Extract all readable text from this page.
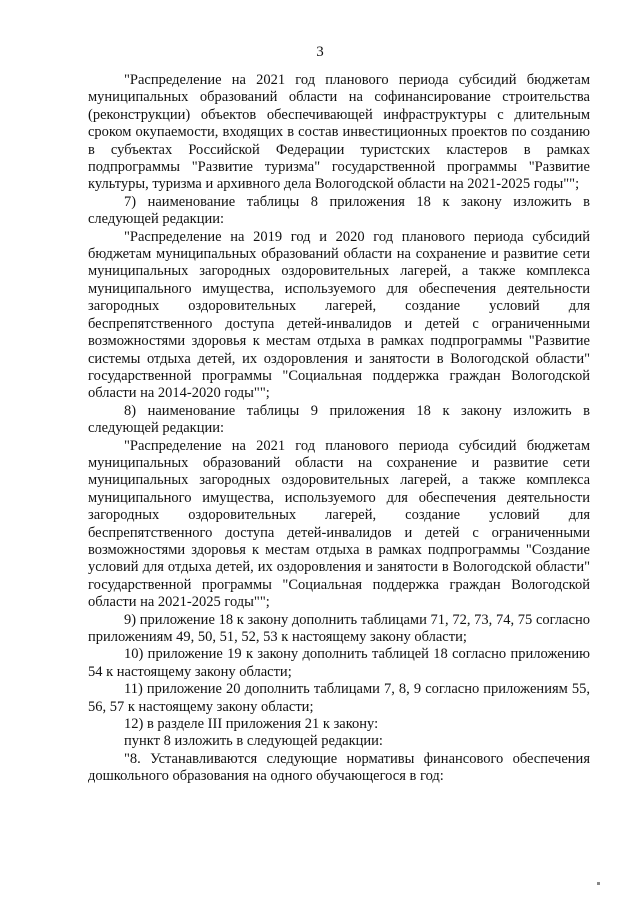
3

"Распределение на 2021 год планового периода субсидий бюджетам муниципальных образований области на софинансирование строительства (реконструкции) объектов обеспечивающей инфраструктуры с длительным сроком окупаемости, входящих в состав инвестиционных проектов по созданию в субъектах Российской Федерации туристских кластеров в рамках подпрограммы "Развитие туризма" государственной программы "Развитие культуры, туризма и архивного дела Вологодской области на 2021-2025 годы"";

7) наименование таблицы 8 приложения 18 к закону изложить в следующей редакции:

"Распределение на 2019 год и 2020 год планового периода субсидий бюджетам муниципальных образований области на сохранение и развитие сети муниципальных загородных оздоровительных лагерей, а также комплекса муниципального имущества, используемого для обеспечения деятельности загородных оздоровительных лагерей, создание условий для беспрепятственного доступа детей-инвалидов и детей с ограниченными возможностями здоровья к местам отдыха в рамках подпрограммы "Развитие системы отдыха детей, их оздоровления и занятости в Вологодской области" государственной программы "Социальная поддержка граждан Вологодской области на 2014-2020 годы"";

8) наименование таблицы 9 приложения 18 к закону изложить в следующей редакции:

"Распределение на 2021 год планового периода субсидий бюджетам муниципальных образований области на сохранение и развитие сети муниципальных загородных оздоровительных лагерей, а также комплекса муниципального имущества, используемого для обеспечения деятельности загородных оздоровительных лагерей, создание условий для беспрепятственного доступа детей-инвалидов и детей с ограниченными возможностями здоровья к местам отдыха в рамках подпрограммы "Создание условий для отдыха детей, их оздоровления и занятости в Вологодской области" государственной программы "Социальная поддержка граждан Вологодской области на 2021-2025 годы"";

9) приложение 18 к закону дополнить таблицами 71, 72, 73, 74, 75 согласно приложениям 49, 50, 51, 52, 53 к настоящему закону области;

10) приложение 19 к закону дополнить таблицей 18 согласно приложению 54 к настоящему закону области;

11) приложение 20 дополнить таблицами 7, 8, 9 согласно приложениям 55, 56, 57 к настоящему закону области;

12) в разделе III приложения 21 к закону:

пункт 8 изложить в следующей редакции:

"8. Устанавливаются следующие нормативы финансового обеспечения дошкольного образования на одного обучающегося в год:
